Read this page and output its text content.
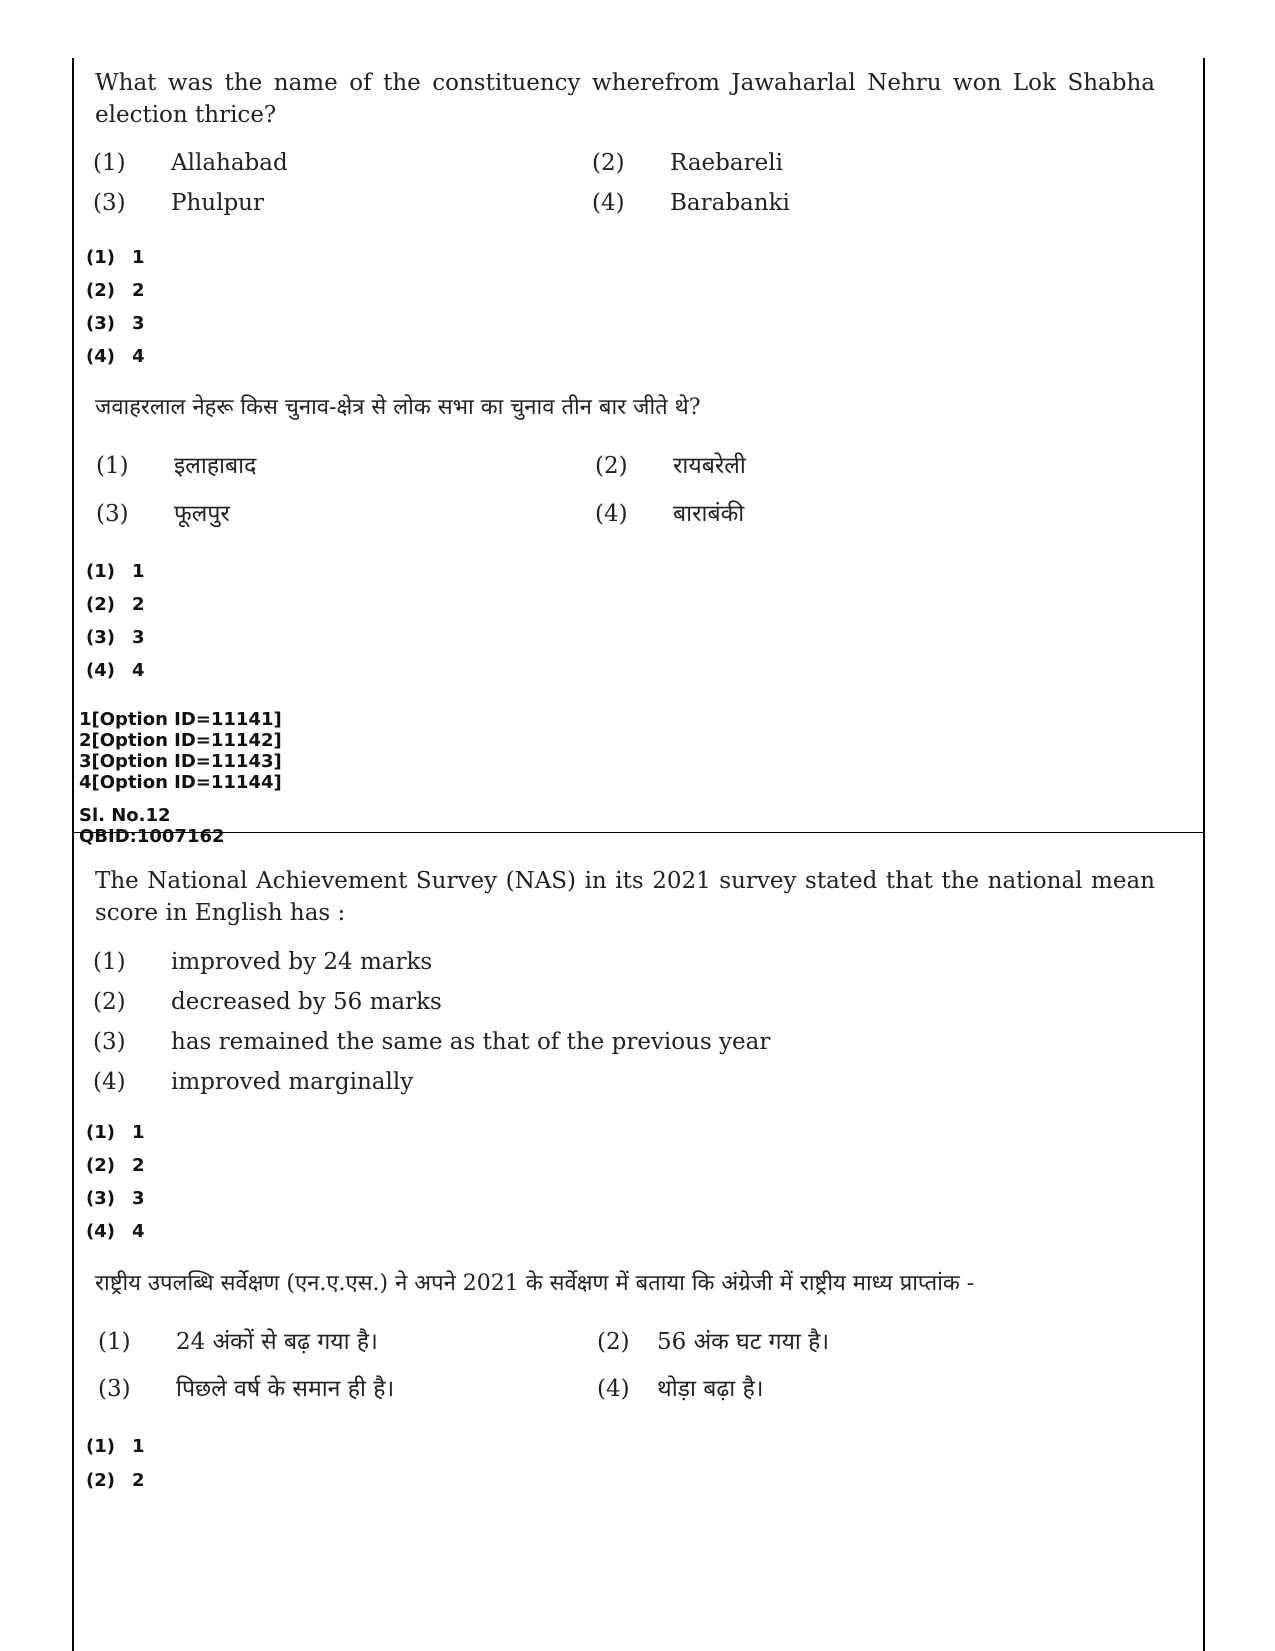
What was the name of the constituency wherefrom Jawaharlal Nehru won Lok Shabha election thrice?
(1) Allahabad	(2) Raebareli
(3) Phulpur	(4) Barabanki
(1) 1
(2) 2
(3) 3
(4) 4
जवाहरलाल नेहरू किस चुनाव-क्षेत्र से लोक सभा का चुनाव तीन बार जीते थे?
(1) इलाहाबाद	(2) रायबरेली
(3) फूलपुर	(4) बाराबंकी
(1) 1
(2) 2
(3) 3
(4) 4
1[Option ID=11141]
2[Option ID=11142]
3[Option ID=11143]
4[Option ID=11144]
Sl. No.12
QBID:1007162
The National Achievement Survey (NAS) in its 2021 survey stated that the national mean score in English has :
(1) improved by 24 marks
(2) decreased by 56 marks
(3) has remained the same as that of the previous year
(4) improved marginally
(1) 1
(2) 2
(3) 3
(4) 4
राष्ट्रीय उपलब्धि सर्वेक्षण (एन.ए.एस.) ने अपने 2021 के सर्वेक्षण में बताया कि अंग्रेजी में राष्ट्रीय माध्य प्राप्तांक -
(1) 24 अंकों से बढ़ गया है।	(2) 56 अंक घट गया है।
(3) पिछले वर्ष के समान ही है।	(4) थोड़ा बढ़ा है।
(1) 1
(2) 2
